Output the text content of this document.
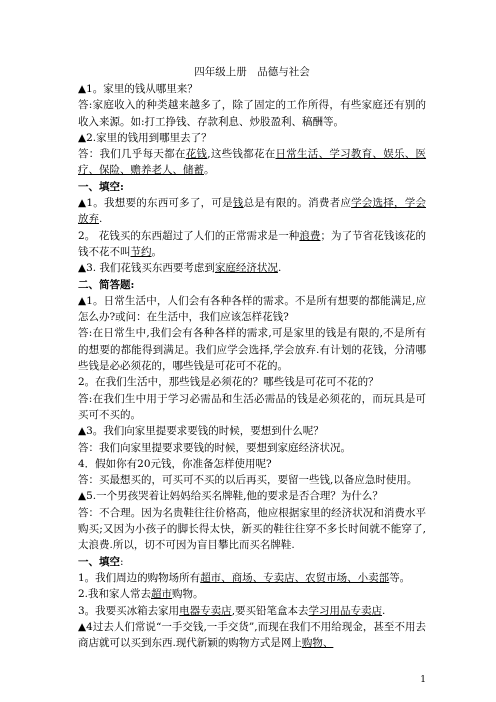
四年级上册　品德与社会
▲1。家里的钱从哪里来？
答:家庭收入的种类越来越多了，除了固定的工作所得，有些家庭还有别的收入来源。如:打工挣钱、存款利息、炒股盈利、稿酬等。
▲2.家里的钱用到哪里去了？
答：我们几乎每天都在花钱,这些钱都花在日常生活、学习教育、娱乐、医疗、保险、赡养老人、储蓄。
一、填空:
▲1。我想要的东西可多了，可是钱总是有限的。消费者应学会选择，学会放弃.
2。 花钱买的东西超过了人们的正常需求是一种浪费；为了节省花钱该花的钱不花不叫节约。
▲3. 我们花钱买东西要考虑到家庭经济状况.
二、简答题:
▲1。日常生活中，人们会有各种各样的需求。不是所有想要的都能满足,应怎么办?或问：在生活中，我们应该怎样花钱?
答:在日常生中,我们会有各种各样的需求,可是家里的钱是有限的,不是所有的想要的都能得到满足。我们应学会选择,学会放弃.有计划的花钱，分清哪些钱是必必须花的，哪些钱是可花可不花的。
2。在我们生活中，那些钱是必须花的？哪些钱是可花可不花的？
答:在我们生中用于学习必需品和生活必需品的钱是必须花的，而玩具是可买可不买的。
▲3。我们向家里提要求要钱的时候，要想到什么呢？
答：我们向家里提要求要钱的时候，要想到家庭经济状况。
4．假如你有20元钱，你准备怎样使用呢?
答：买最想买的，可买可不买的以后再买，要留一些钱,以备应急时使用。
▲5.一个男孩哭着让妈妈给买名牌鞋,他的要求是否合理？为什么？
答：不合理。因为名贵鞋往往价格高，他应根据家里的经济状况和消费水平购买;又因为小孩子的脚长得太快，新买的鞋往往穿不多长时间就不能穿了,太浪费.所以，切不可因为盲目攀比而买名牌鞋.
一、填空:
1。我们周边的购物场所有超市、商场、专卖店、农贸市场、小卖部等。
2.我和家人常去超市购物。
3。我要买冰箱去家用电器专卖店,要买铅笔盒本去学习用品专卖店.
▲4过去人们常说“一手交钱,一手交货”,而现在我们不用给现金，甚至不用去商店就可以买到东西.现代新颖的购物方式是网上购物、
1
